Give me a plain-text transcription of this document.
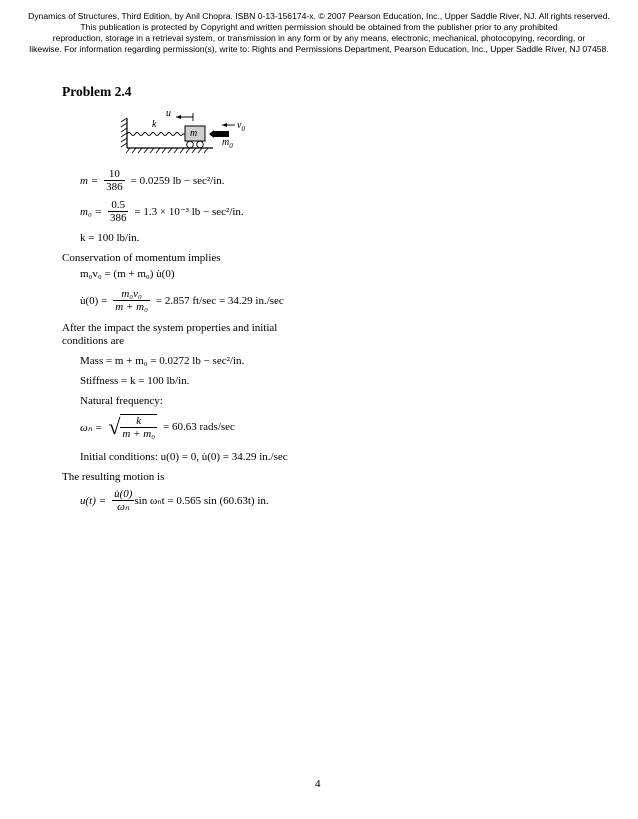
Dynamics of Structures, Third Edition, by Anil Chopra. ISBN 0-13-156174-x. © 2007 Pearson Education, Inc., Upper Saddle River, NJ. All rights reserved.
This publication is protected by Copyright and written permission should be obtained from the publisher prior to any prohibited
reproduction, storage in a retrieval system, or transmission in any form or by any means, electronic, mechanical, photocopying, recording, or
likewise. For information regarding permission(s), write to: Rights and Permissions Department, Pearson Education, Inc., Upper Saddle River, NJ 07458.
Problem 2.4
u
k
m
$v_0$
$m_0$
$m = \frac{10}{386} = 0.0259$ lb − sec²/in.
$m_0 = \frac{0.5}{386} = 1.3 \times 10^{-3}$ lb − sec²/in.
k = 100 lb/in.
Conservation of momentum implies
m₀v₀ = (m + m₀) u̇(0)
u̇(0) = $\frac{\text{m₀v₀}}{\text{m + m₀}} = 2.857$ ft/sec = 34.29 in./sec
After the impact the system properties and initial
conditions are
Mass = m + m₀ = 0.0272 lb − sec²/in.
Stiffness = k = 100 lb/in.
Natural frequency:
ωₙ = √ $\frac{k}{\text{m + m₀}} = 60.63$ rads/sec
Initial conditions: u(0) = 0, u̇(0) = 34.29 in./sec
The resulting motion is
$u(t) = \frac{u̇(0)}{\text{ωₙ}}$ sin ωₙt = 0.565 sin (60.63t) in.
4
